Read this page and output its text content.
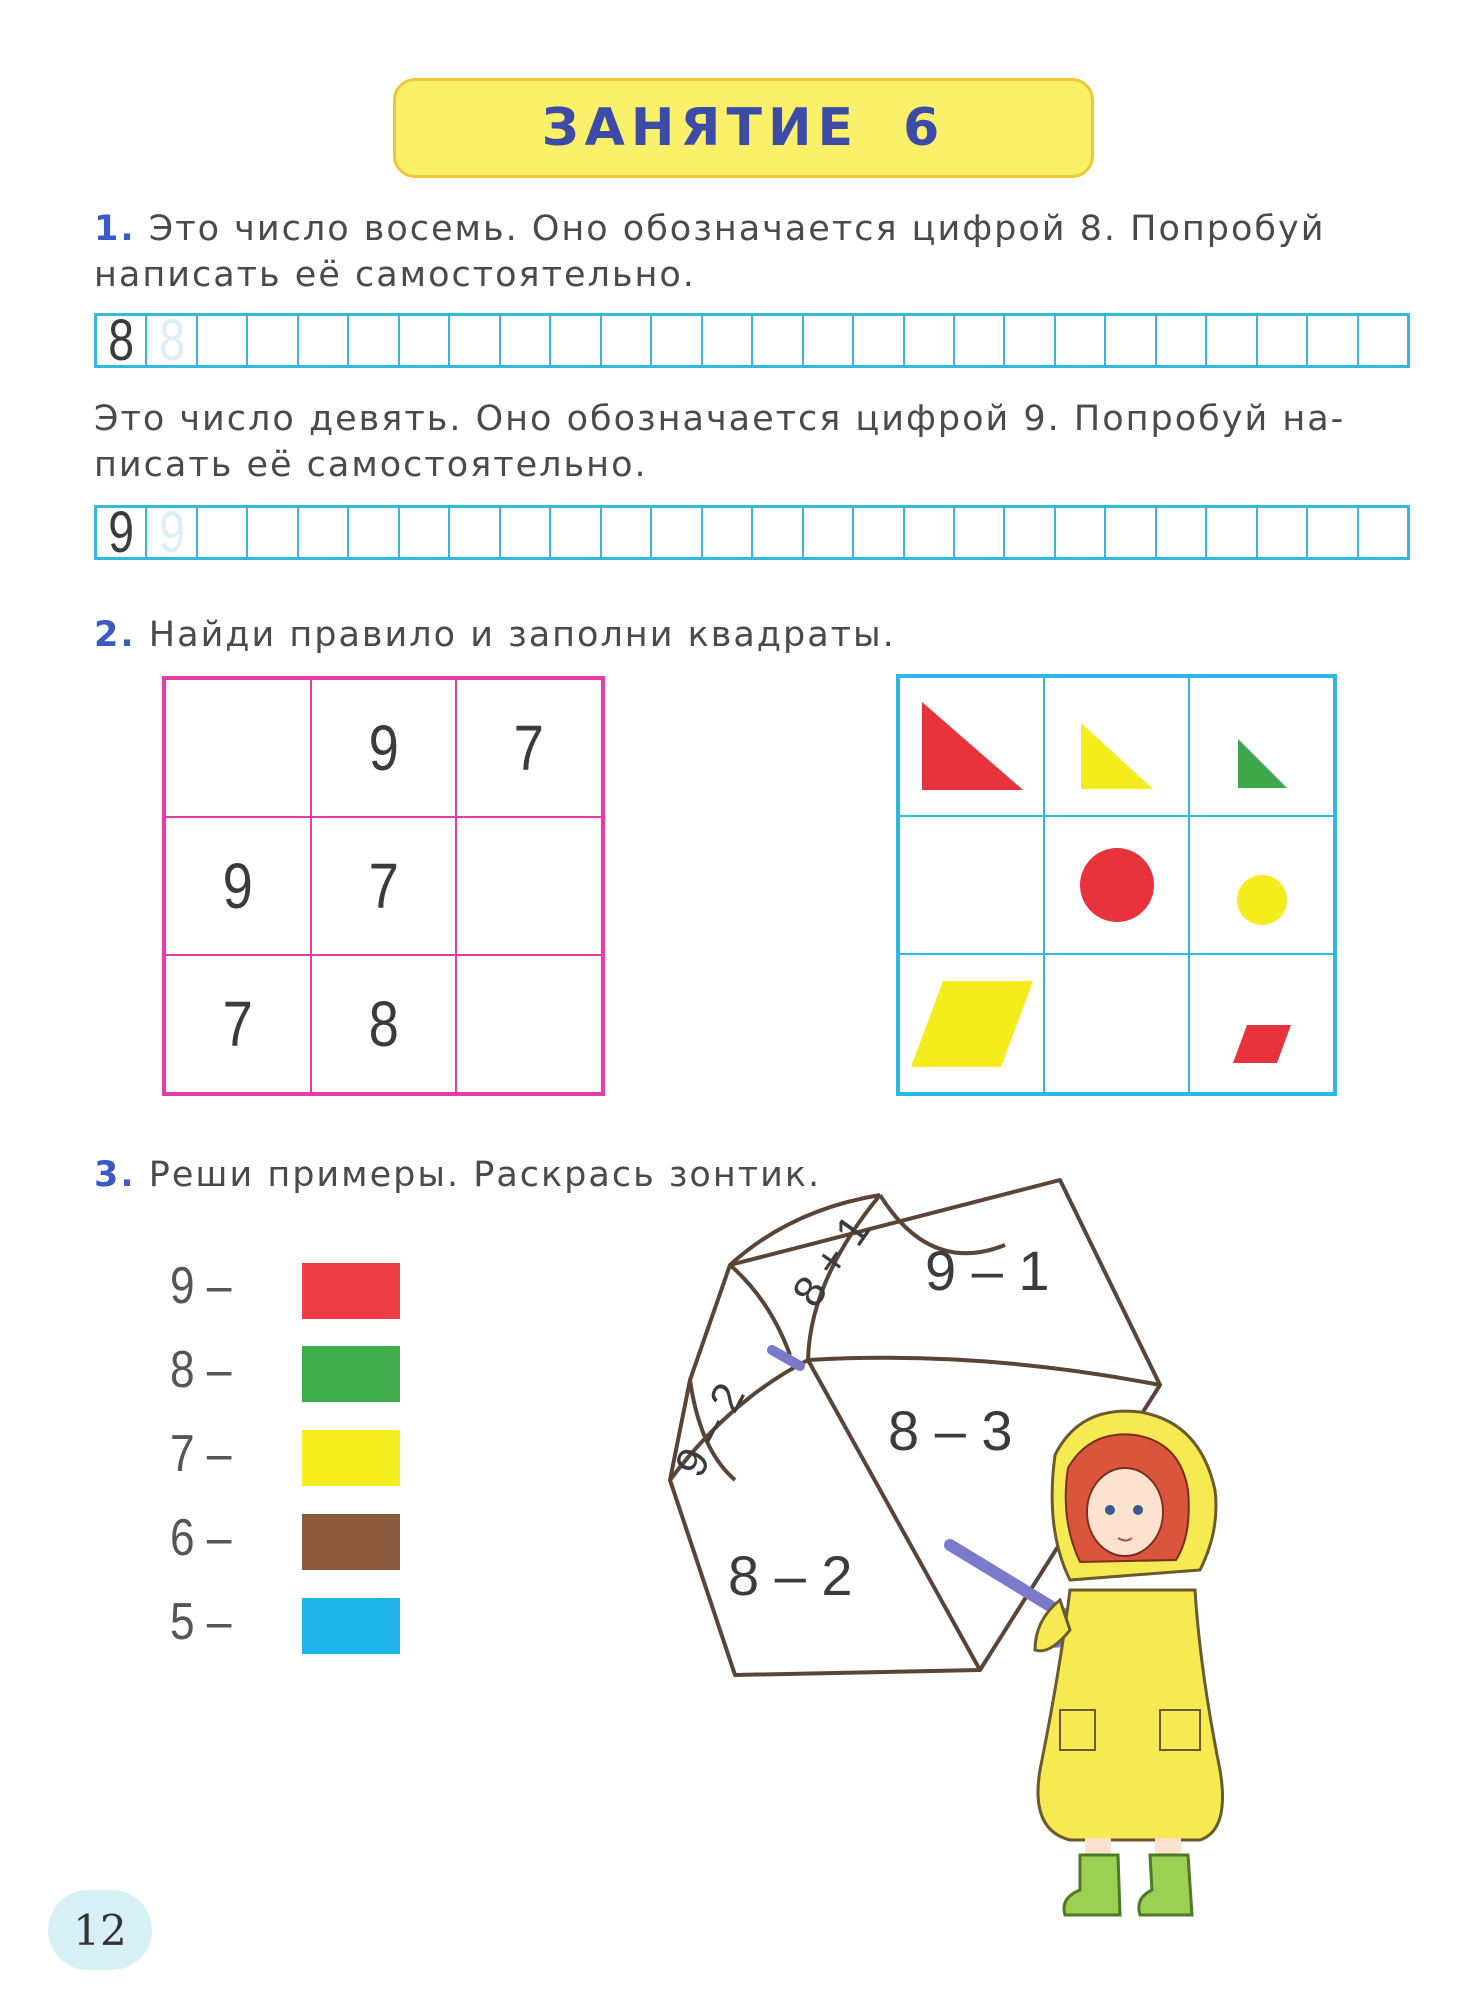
ЗАНЯТИЕ 6
1. Это число восемь. Оно обозначается цифрой 8. Попробуй
написать её самостоятельно.
8 8
Это число девять. Оно обозначается цифрой 9. Попробуй на-
писать её самостоятельно.
9 9
2. Найди правило и заполни квадраты.
9 7
9 7
7 8
3. Реши примеры. Раскрась зонтик.
9 –
8 –
7 –
6 –
5 –
8 + 1 9 – 1
9 – 2 8 – 3
8 – 2
12
